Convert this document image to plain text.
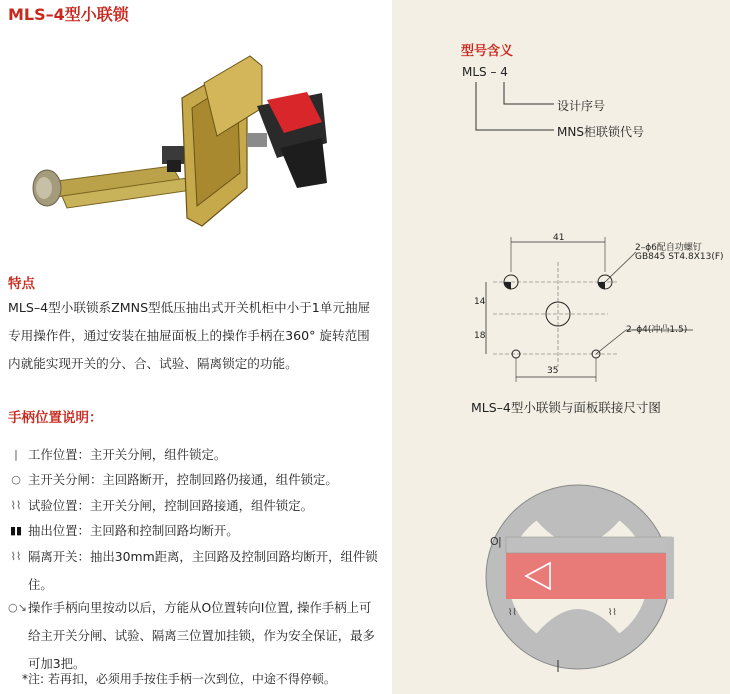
MLS–4型小联锁
特点
MLS–4型小联锁系ZMNS型低压抽出式开关机柜中小于1单元抽屉专用操作件，通过安装在抽屉面板上的操作手柄在360° 旋转范围内就能实现开关的分、合、试验、隔离锁定的功能。
手柄位置说明：
| 工作位置：主开关分闸，组件锁定。
○ 主开关分闸：主回路断开，控制回路仍接通，组件锁定。
⌇⌇ 试验位置：主开关分闸，控制回路接通，组件锁定。
▮▮ 抽出位置：主回路和控制回路均断开。
⌇⌇ 隔离开关：抽出30mm距离，主回路及控制回路均断开，组件锁住。
○↘ 操作手柄向里按动以后，方能从O位置转向I位置, 操作手柄上可给主开关分闸、试验、隔离三位置加挂锁，作为安全保证，最多可加3把。
*注: 若再扣，必须用手按住手柄一次到位，中途不得停顿。
型号含义
MLS – 4
设计序号
MNS柜联锁代号
41
14
18
35
2–ϕ6配自功螺钉
GB845 ST4.8X13(F)
2–ϕ4(冲凸1.5)
MLS–4型小联锁与面板联接尺寸图
O |
⌇⌇	⌇⌇
